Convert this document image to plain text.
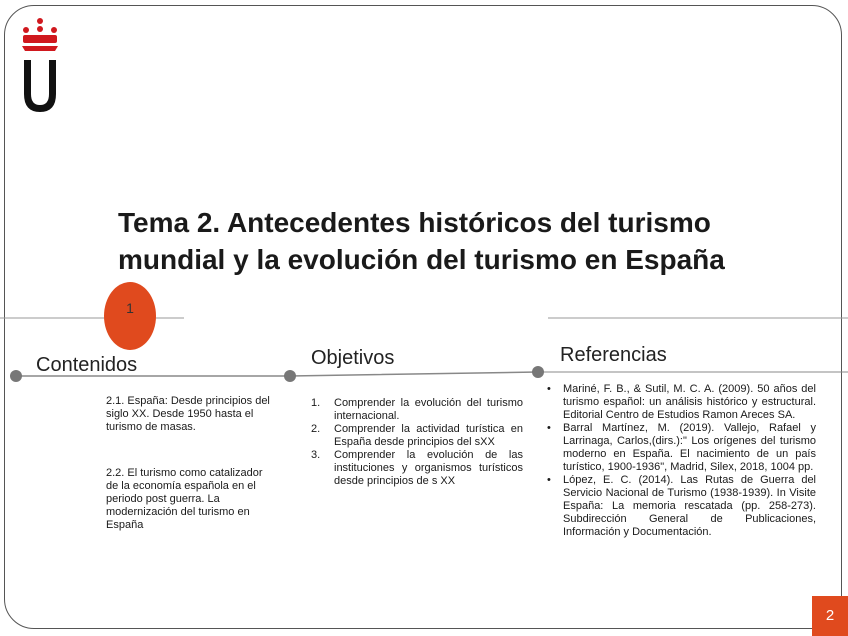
Tema 2. Antecedentes históricos del turismo mundial y la evolución del turismo en España
1
Contenidos

2.1. España: Desde principios del siglo XX. Desde 1950 hasta el turismo de masas.

2.2. El turismo como catalizador de la economía española en el periodo post guerra. La modernización del turismo en España

Objetivos
1. Comprender la evolución del turismo internacional.
2. Comprender la actividad turística en España desde principios del sXX
3. Comprender la evolución de las instituciones y organismos turísticos desde principios de s XX
Referencias
• Mariné, F. B., & Sutil, M. C. A. (2009). 50 años del turismo español: un análisis histórico y estructural. Editorial Centro de Estudios Ramon Areces SA.
• Barral Martínez, M. (2019). Vallejo, Rafael y Larrinaga, Carlos,(dirs.):" Los orígenes del turismo moderno en España. El nacimiento de un país turístico, 1900-1936", Madrid, Silex, 2018, 1004 pp.
• López, E. C. (2014). Las Rutas de Guerra del Servicio Nacional de Turismo (1938-1939). In Visite España: La memoria rescatada (pp. 258-273). Subdirección General de Publicaciones, Información y Documentación.
2
